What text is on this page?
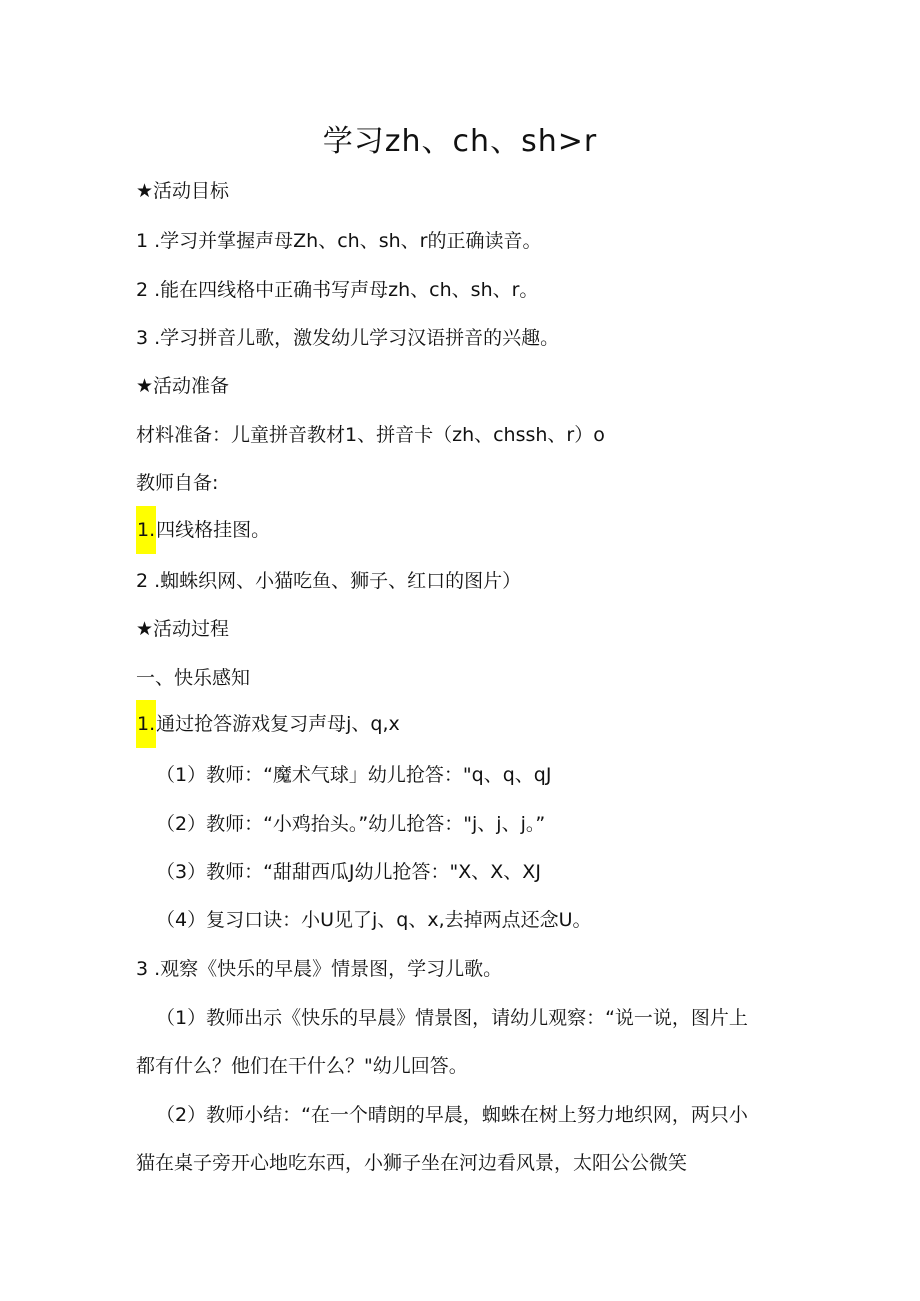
学习zh、ch、sh>r
★活动目标
1 .学习并掌握声母Zh、ch、sh、r的正确读音。
2 .能在四线格中正确书写声母zh、ch、sh、r。
3 .学习拼音儿歌，激发幼儿学习汉语拼音的兴趣。
★活动准备
材料准备：儿童拼音教材1、拼音卡（zh、chssh、r）o
教师自备:
1.四线格挂图。
2 .蜘蛛织网、小猫吃鱼、狮子、红口的图片）
★活动过程
一、快乐感知
1.通过抢答游戏复习声母j、q,x
（1）教师：“魔术气球」幼儿抢答："q、q、qJ
（2）教师：“小鸡抬头。”幼儿抢答："j、j、j。”
（3）教师：“甜甜西瓜J幼儿抢答："X、X、XJ
（4）复习口诀：小U见了j、q、x,去掉两点还念U。
3 .观察《快乐的早晨》情景图，学习儿歌。
（1）教师出示《快乐的早晨》情景图，请幼儿观察：“说一说，图片上
都有什么？他们在干什么？"幼儿回答。
（2）教师小结：“在一个晴朗的早晨，蜘蛛在树上努力地织网，两只小
猫在桌子旁开心地吃东西，小狮子坐在河边看风景，太阳公公微笑
